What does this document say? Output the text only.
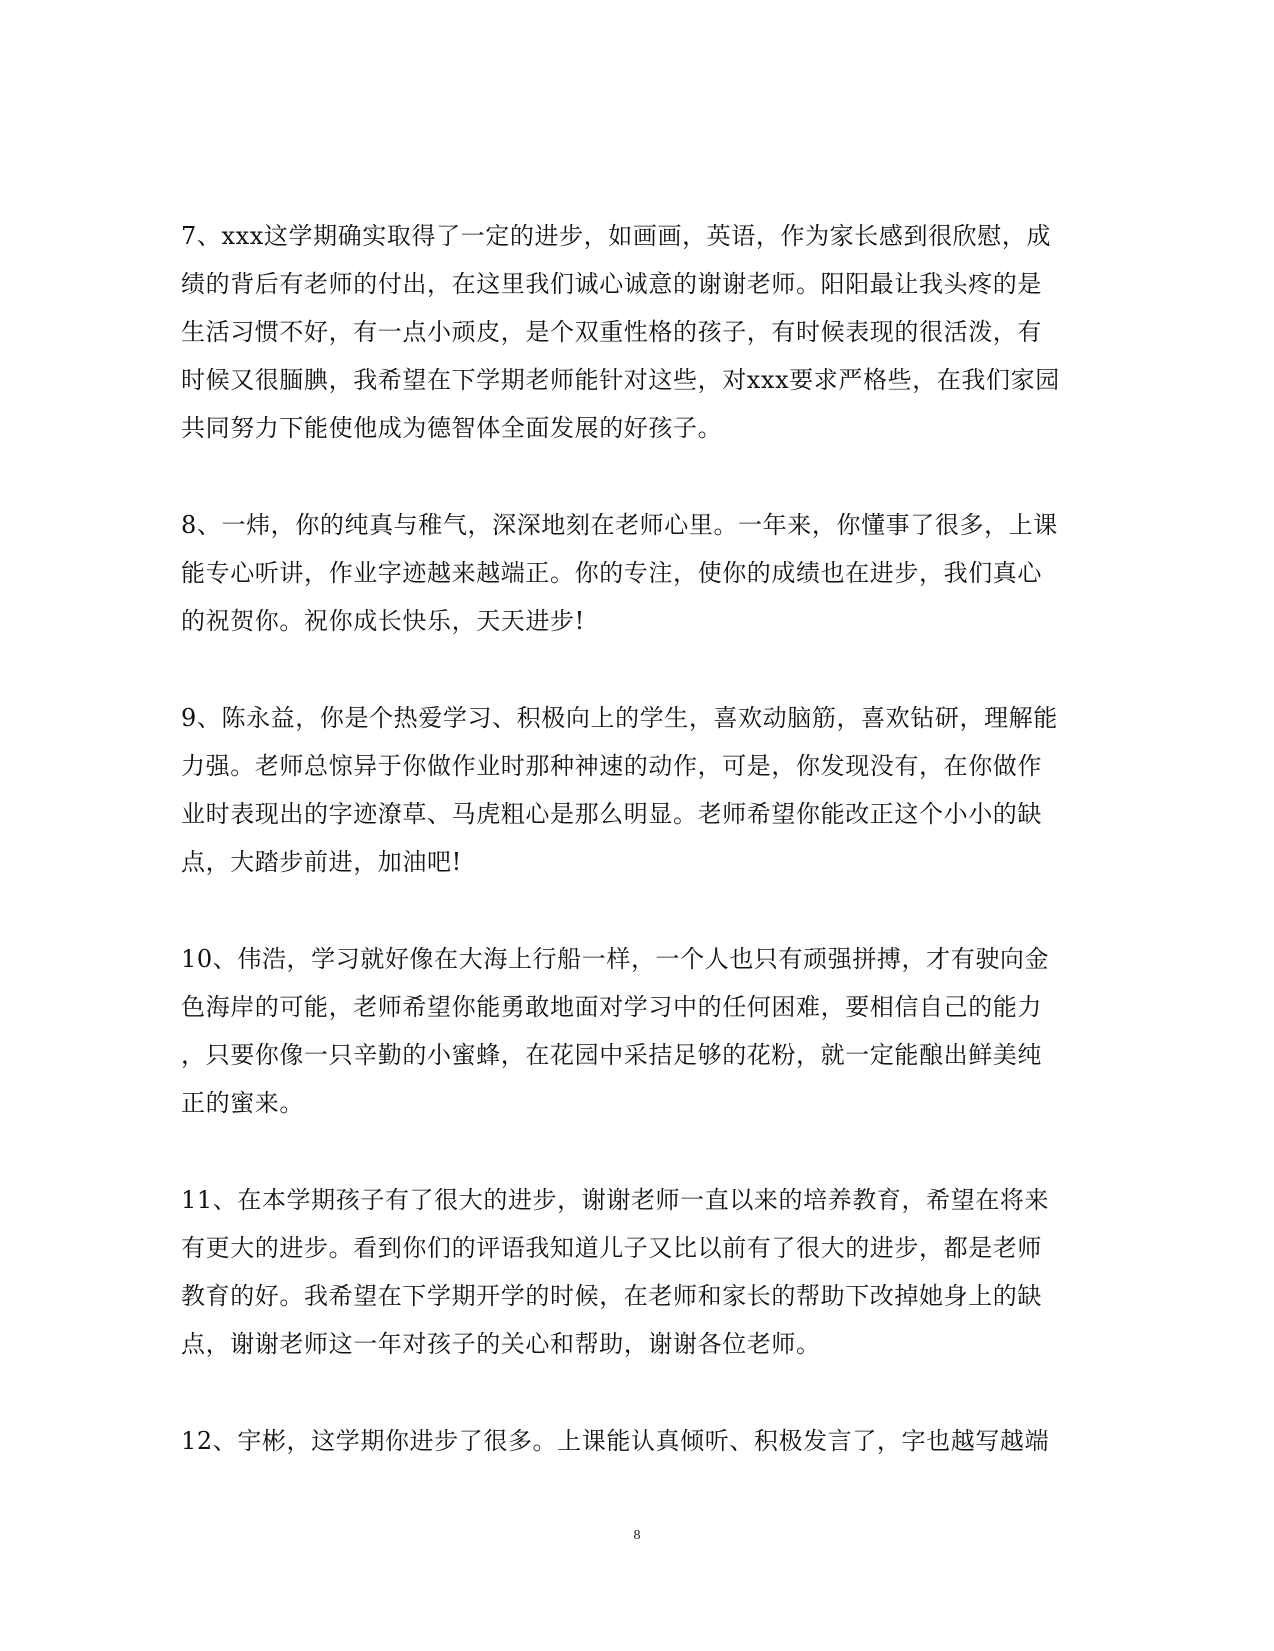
7、xxx这学期确实取得了一定的进步，如画画，英语，作为家长感到很欣慰，成
绩的背后有老师的付出，在这里我们诚心诚意的谢谢老师。阳阳最让我头疼的是
生活习惯不好，有一点小顽皮，是个双重性格的孩子，有时候表现的很活泼，有
时候又很腼腆，我希望在下学期老师能针对这些，对xxx要求严格些，在我们家园
共同努力下能使他成为德智体全面发展的好孩子。
8、一炜，你的纯真与稚气，深深地刻在老师心里。一年来，你懂事了很多，上课
能专心听讲，作业字迹越来越端正。你的专注，使你的成绩也在进步，我们真心
的祝贺你。祝你成长快乐，天天进步!
9、陈永益，你是个热爱学习、积极向上的学生，喜欢动脑筋，喜欢钻研，理解能
力强。老师总惊异于你做作业时那种神速的动作，可是，你发现没有，在你做作
业时表现出的字迹潦草、马虎粗心是那么明显。老师希望你能改正这个小小的缺
点，大踏步前进，加油吧!
10、伟浩，学习就好像在大海上行船一样，一个人也只有顽强拼搏，才有驶向金
色海岸的可能，老师希望你能勇敢地面对学习中的任何困难，要相信自己的能力
，只要你像一只辛勤的小蜜蜂，在花园中采拮足够的花粉，就一定能酿出鲜美纯
正的蜜来。
11、在本学期孩子有了很大的进步，谢谢老师一直以来的培养教育，希望在将来
有更大的进步。看到你们的评语我知道儿子又比以前有了很大的进步，都是老师
教育的好。我希望在下学期开学的时候，在老师和家长的帮助下改掉她身上的缺
点，谢谢老师这一年对孩子的关心和帮助，谢谢各位老师。
12、宇彬，这学期你进步了很多。上课能认真倾听、积极发言了，字也越写越端
8
